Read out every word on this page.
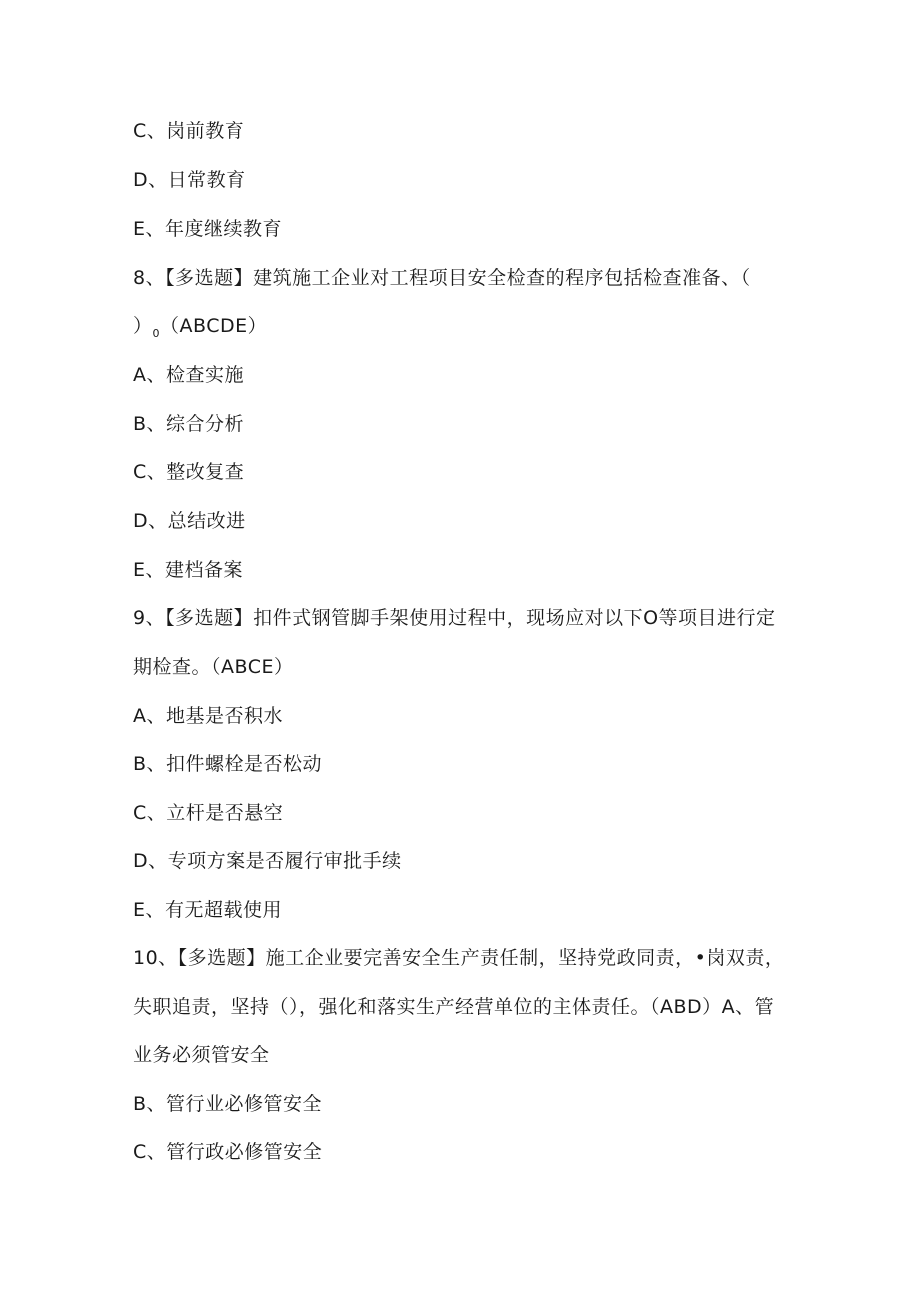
C、岗前教育
D、日常教育
E、年度继续教育
8、【多选题】建筑施工企业对工程项目安全检查的程序包括检查准备、（
）$_0(ABCDE)$
A、检查实施
B、综合分析
C、整改复查
D、总结改进
E、建档备案
9、【多选题】扣件式钢管脚手架使用过程中，现场应对以下O等项目进行定
期检查。（ABCE）
A、地基是否积水
B、扣件螺栓是否松动
C、立杆是否悬空
D、专项方案是否履行审批手续
E、有无超载使用
10、【多选题】施工企业要完善安全生产责任制，坚持党政同责，•岗双责，
失职追责，坚持（），强化和落实生产经营单位的主体责任。（ABD）A、管
业务必须管安全
B、管行业必修管安全
C、管行政必修管安全
